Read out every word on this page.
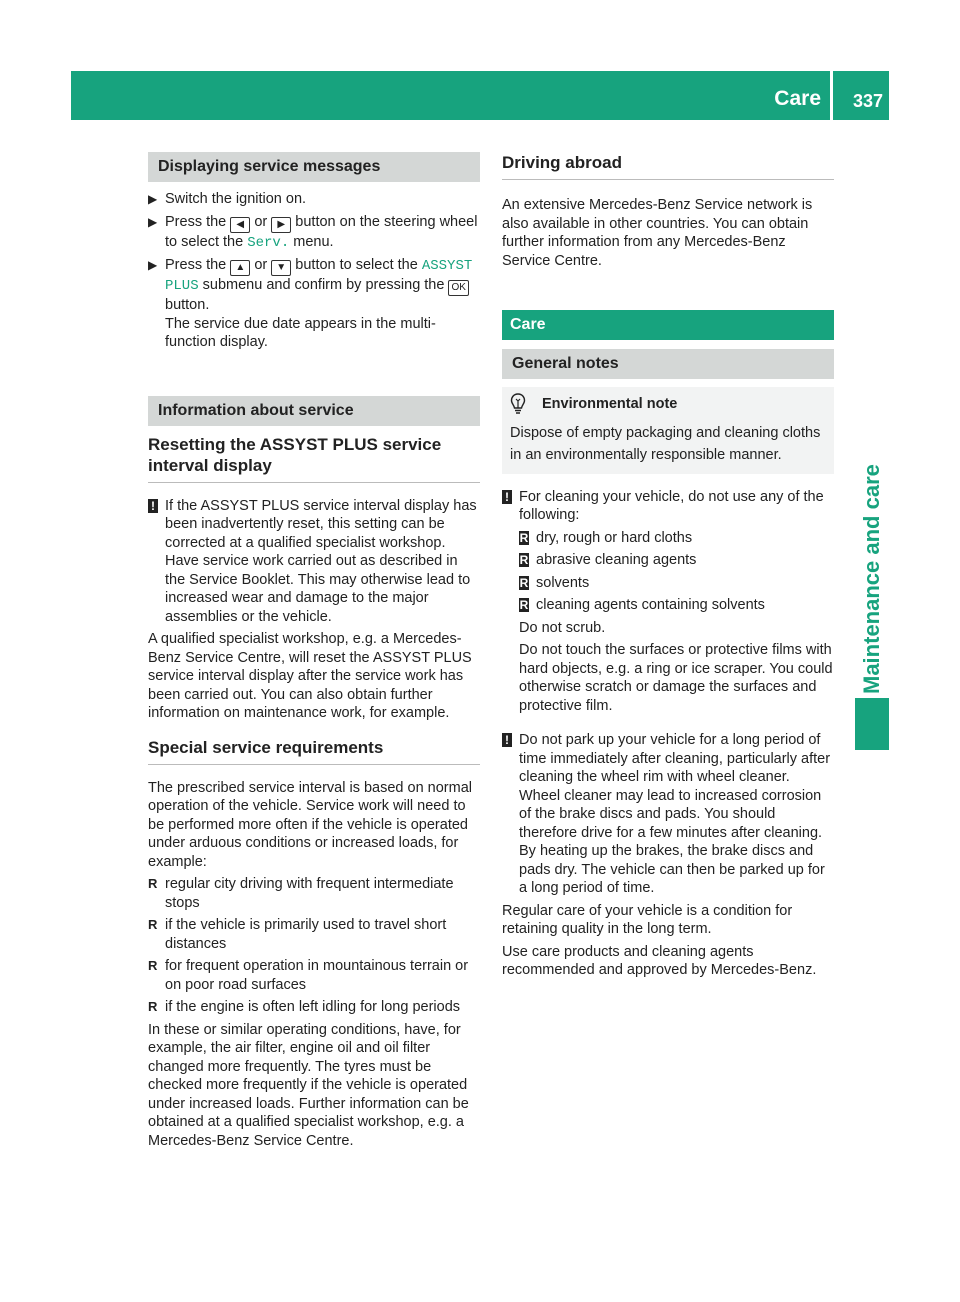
Care 337
Maintenance and care
Displaying service messages
▶ Switch the ignition on.
▶ Press the ◀ or ▶ button on the steering wheel to select the Serv. menu.
▶ Press the ▲ or ▼ button to select the ASSYST PLUS submenu and confirm by pressing the OK button.

The service due date appears in the multi-function display.

Information about service
Resetting the ASSYST PLUS service interval display
! If the ASSYST PLUS service interval display has been inadvertently reset, this setting can be corrected at a qualified specialist workshop.

Have service work carried out as described in the Service Booklet. This may otherwise lead to increased wear and damage to the major assemblies or the vehicle.

A qualified specialist workshop, e.g. a Mercedes-Benz Service Centre, will reset the ASSYST PLUS service interval display after the service work has been carried out. You can also obtain further information on maintenance work, for example.

Special service requirements

The prescribed service interval is based on normal operation of the vehicle. Service work will need to be performed more often if the vehicle is operated under arduous conditions or increased loads, for example:

R regular city driving with frequent intermediate stops
R if the vehicle is primarily used to travel short distances
R for frequent operation in mountainous terrain or on poor road surfaces
R if the engine is often left idling for long periods

In these or similar operating conditions, have, for example, the air filter, engine oil and oil filter changed more frequently. The tyres must be checked more frequently if the vehicle is operated under increased loads. Further information can be obtained at a qualified specialist workshop, e.g. a Mercedes-Benz Service Centre.

Driving abroad

An extensive Mercedes-Benz Service network is also available in other countries. You can obtain further information from any Mercedes-Benz Service Centre.

Care
General notes
Environmental note

Dispose of empty packaging and cleaning cloths in an environmentally responsible manner.

! For cleaning your vehicle, do not use any of the following:

R dry, rough or hard cloths
R abrasive cleaning agents
R solvents
R cleaning agents containing solvents

Do not scrub.

Do not touch the surfaces or protective films with hard objects, e.g. a ring or ice scraper. You could otherwise scratch or damage the surfaces and protective film.

! Do not park up your vehicle for a long period of time immediately after cleaning, particularly after cleaning the wheel rim with wheel cleaner. Wheel cleaner may lead to increased corrosion of the brake discs and pads. You should therefore drive for a few minutes after cleaning. By heating up the brakes, the brake discs and pads dry. The vehicle can then be parked up for a long period of time.

Regular care of your vehicle is a condition for retaining quality in the long term.

Use care products and cleaning agents recommended and approved by Mercedes-Benz.
